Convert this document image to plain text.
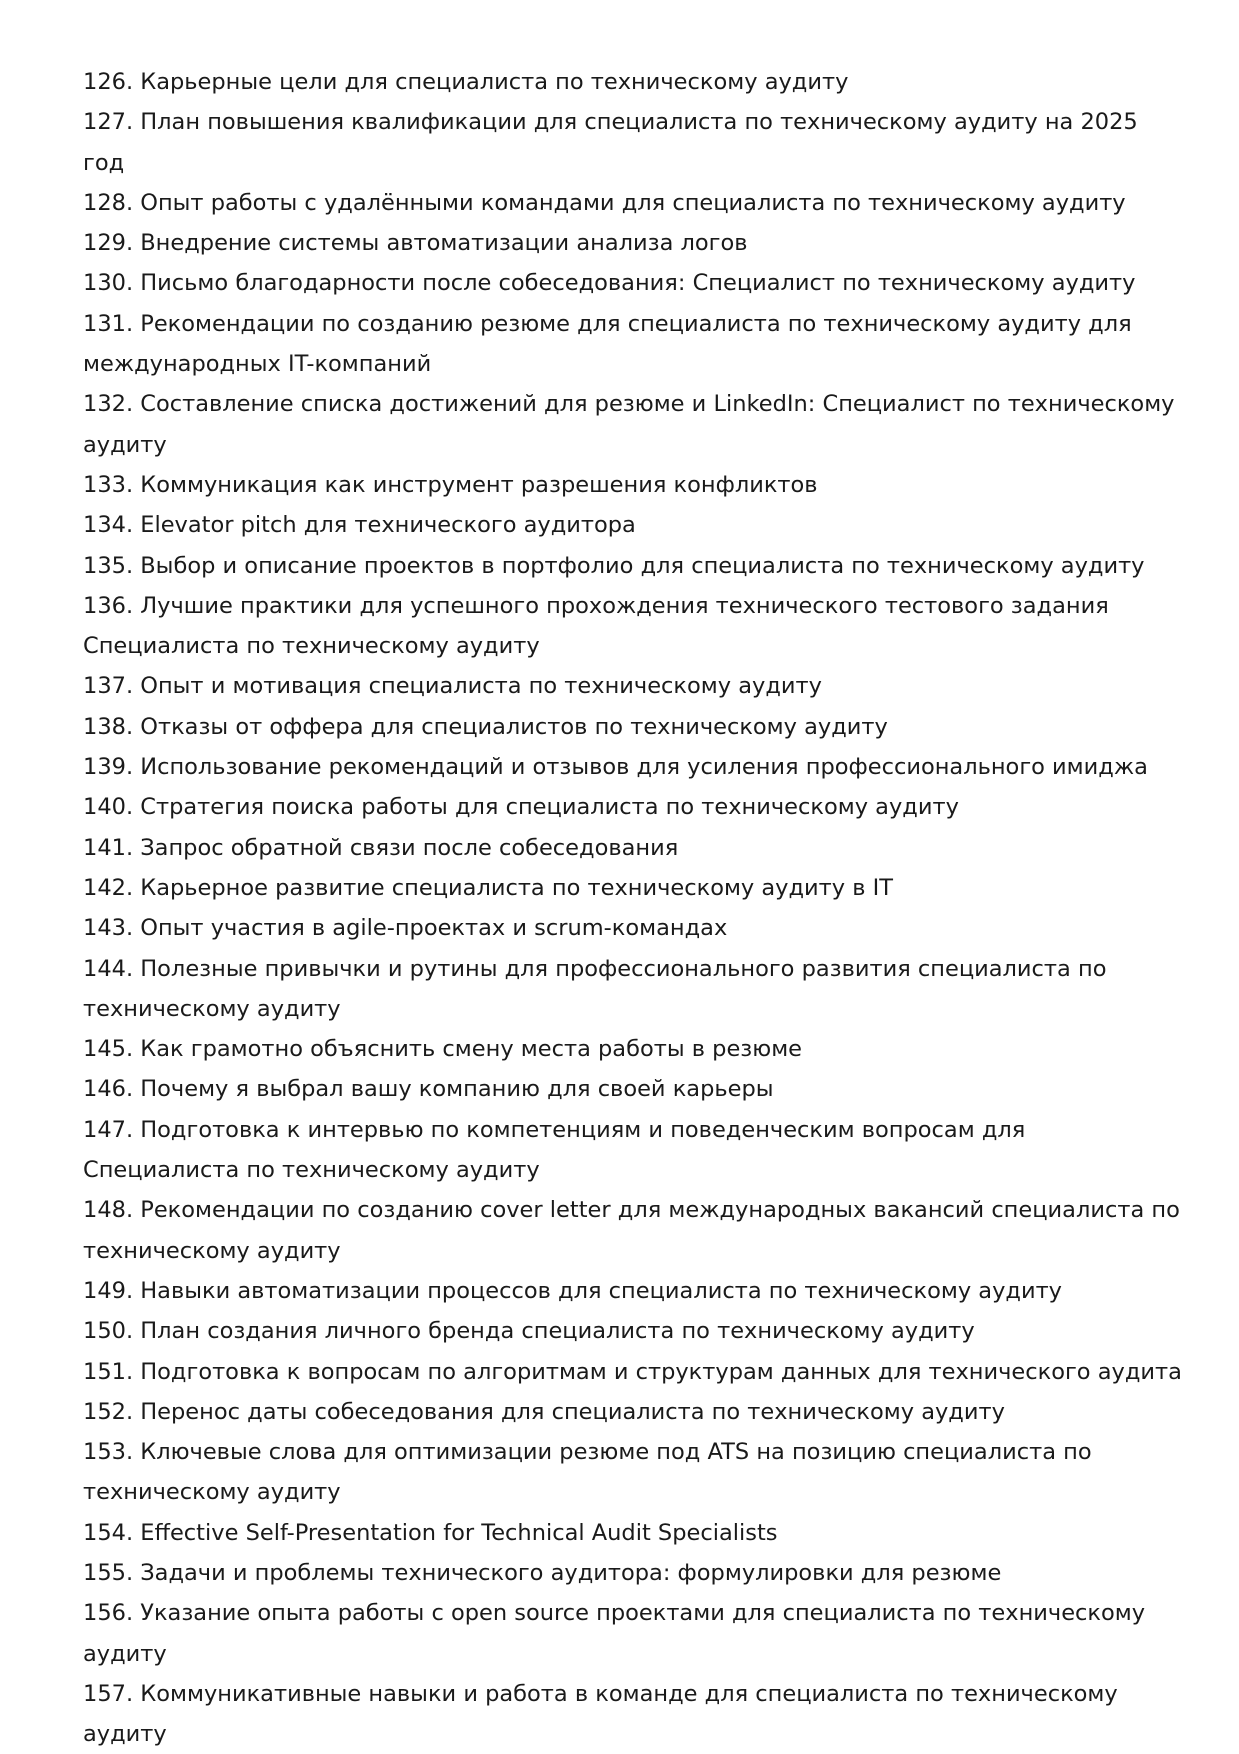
126. Карьерные цели для специалиста по техническому аудиту

127. План повышения квалификации для специалиста по техническому аудиту на 2025 год

128. Опыт работы с удалёнными командами для специалиста по техническому аудиту

129. Внедрение системы автоматизации анализа логов

130. Письмо благодарности после собеседования: Специалист по техническому аудиту

131. Рекомендации по созданию резюме для специалиста по техническому аудиту для международных IT-компаний

132. Составление списка достижений для резюме и LinkedIn: Специалист по техническому аудиту

133. Коммуникация как инструмент разрешения конфликтов

134. Elevator pitch для технического аудитора

135. Выбор и описание проектов в портфолио для специалиста по техническому аудиту

136. Лучшие практики для успешного прохождения технического тестового задания Специалиста по техническому аудиту

137. Опыт и мотивация специалиста по техническому аудиту

138. Отказы от оффера для специалистов по техническому аудиту

139. Использование рекомендаций и отзывов для усиления профессионального имиджа

140. Стратегия поиска работы для специалиста по техническому аудиту

141. Запрос обратной связи после собеседования

142. Карьерное развитие специалиста по техническому аудиту в IT

143. Опыт участия в agile-проектах и scrum-командах

144. Полезные привычки и рутины для профессионального развития специалиста по техническому аудиту

145. Как грамотно объяснить смену места работы в резюме

146. Почему я выбрал вашу компанию для своей карьеры

147. Подготовка к интервью по компетенциям и поведенческим вопросам для Специалиста по техническому аудиту

148. Рекомендации по созданию cover letter для международных вакансий специалиста по техническому аудиту

149. Навыки автоматизации процессов для специалиста по техническому аудиту

150. План создания личного бренда специалиста по техническому аудиту

151. Подготовка к вопросам по алгоритмам и структурам данных для технического аудита

152. Перенос даты собеседования для специалиста по техническому аудиту

153. Ключевые слова для оптимизации резюме под ATS на позицию специалиста по техническому аудиту

154. Effective Self-Presentation for Technical Audit Specialists

155. Задачи и проблемы технического аудитора: формулировки для резюме

156. Указание опыта работы с open source проектами для специалиста по техническому аудиту

157. Коммуникативные навыки и работа в команде для специалиста по техническому аудиту
